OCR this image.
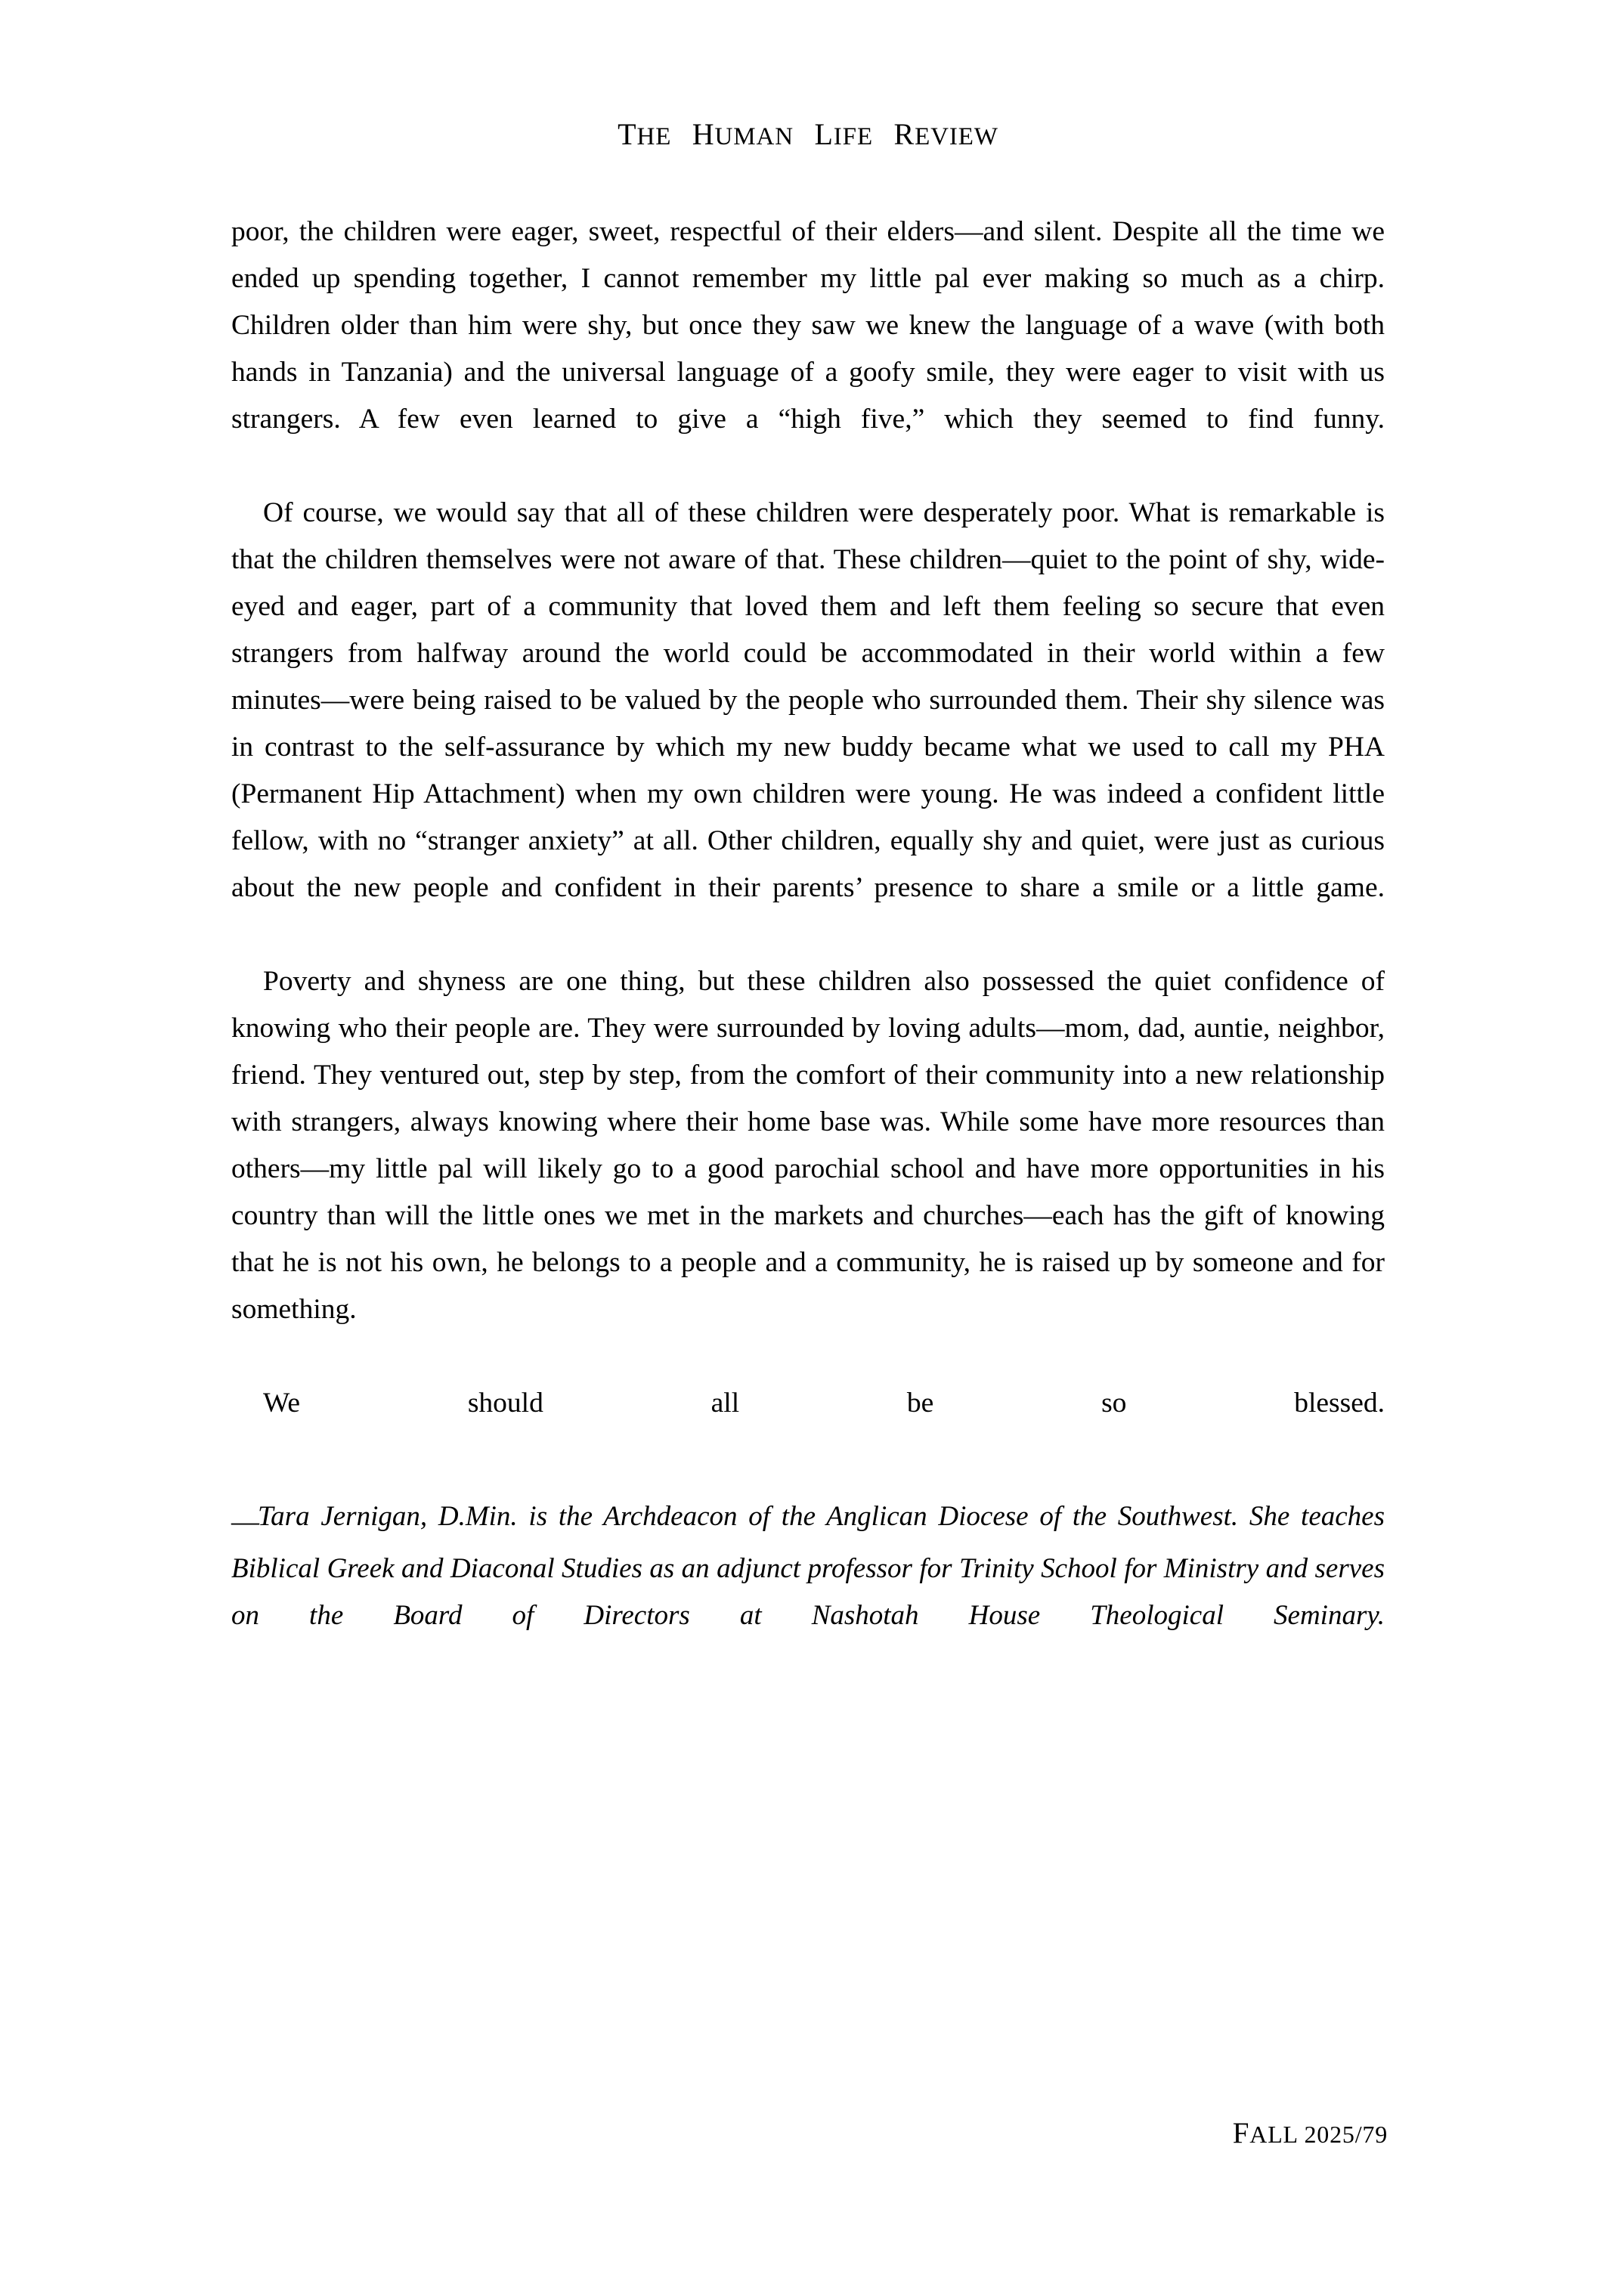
THE HUMAN LIFE REVIEW

poor, the children were eager, sweet, respectful of their elders—and silent. Despite all the time we ended up spending together, I cannot remember my little pal ever making so much as a chirp. Children older than him were shy, but once they saw we knew the language of a wave (with both hands in Tanzania) and the universal language of a goofy smile, they were eager to visit with us strangers. A few even learned to give a “high five,” which they seemed to find funny.

Of course, we would say that all of these children were desperately poor. What is remarkable is that the children themselves were not aware of that. These children—quiet to the point of shy, wide-eyed and eager, part of a community that loved them and left them feeling so secure that even strangers from halfway around the world could be accommodated in their world within a few minutes—were being raised to be valued by the people who surrounded them. Their shy silence was in contrast to the self-assurance by which my new buddy became what we used to call my PHA (Permanent Hip Attachment) when my own children were young. He was indeed a confident little fellow, with no “stranger anxiety” at all. Other children, equally shy and quiet, were just as curious about the new people and confident in their parents’ presence to share a smile or a little game.

Poverty and shyness are one thing, but these children also possessed the quiet confidence of knowing who their people are. They were surrounded by loving adults—mom, dad, auntie, neighbor, friend. They ventured out, step by step, from the comfort of their community into a new relationship with strangers, always knowing where their home base was. While some have more resources than others—my little pal will likely go to a good parochial school and have more opportunities in his country than will the little ones we met in the markets and churches—each has the gift of knowing that he is not his own, he belongs to a people and a community, he is raised up by someone and for something.

We should all be so blessed.

—Tara Jernigan, D.Min. is the Archdeacon of the Anglican Diocese of the Southwest. She teaches Biblical Greek and Diaconal Studies as an adjunct professor for Trinity School for Ministry and serves on the Board of Directors at Nashotah House Theological Seminary.

FALL 2025/79
